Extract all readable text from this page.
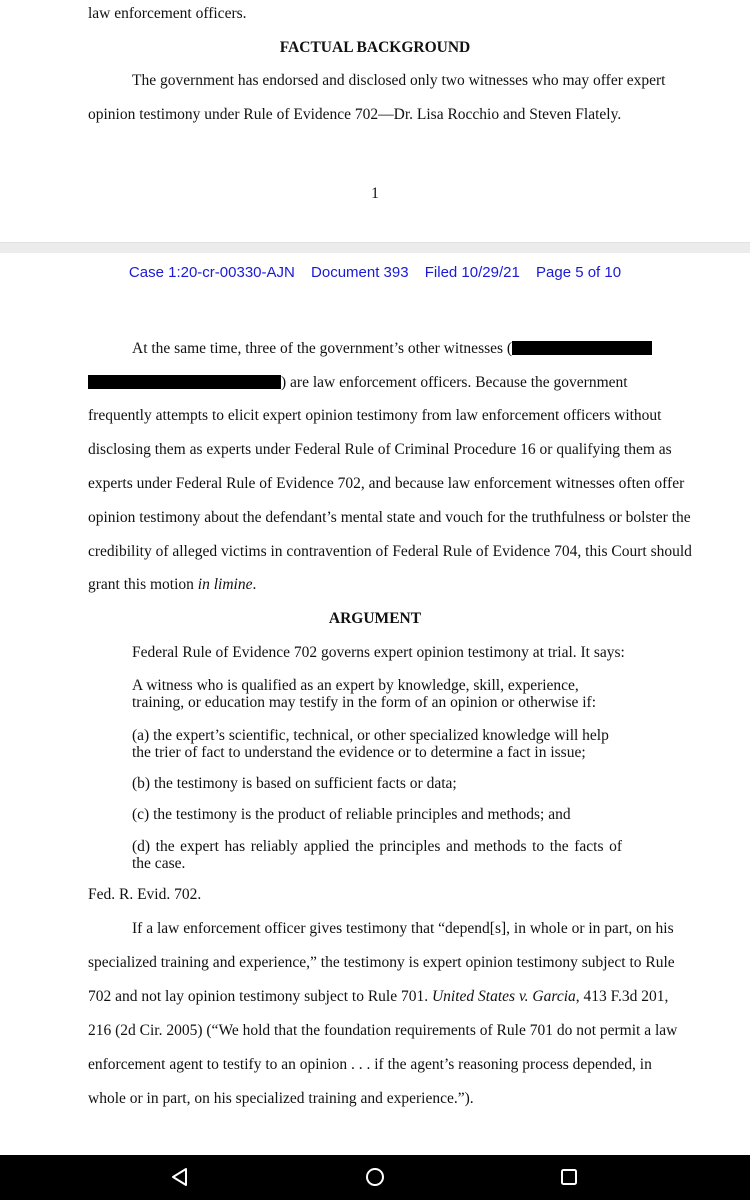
law enforcement officers.
FACTUAL BACKGROUND
The government has endorsed and disclosed only two witnesses who may offer expert
opinion testimony under Rule of Evidence 702—Dr. Lisa Rocchio and Steven Flately.
1
Case 1:20-cr-00330-AJN Document 393 Filed 10/29/21 Page 5 of 10
At the same time, three of the government’s other witnesses (
) are law enforcement officers. Because the government
frequently attempts to elicit expert opinion testimony from law enforcement officers without
disclosing them as experts under Federal Rule of Criminal Procedure 16 or qualifying them as
experts under Federal Rule of Evidence 702, and because law enforcement witnesses often offer
opinion testimony about the defendant’s mental state and vouch for the truthfulness or bolster the
credibility of alleged victims in contravention of Federal Rule of Evidence 704, this Court should
grant this motion in limine.
ARGUMENT
Federal Rule of Evidence 702 governs expert opinion testimony at trial. It says:
A witness who is qualified as an expert by knowledge, skill, experience, training, or education may testify in the form of an opinion or otherwise if:
(a) the expert’s scientific, technical, or other specialized knowledge will help the trier of fact to understand the evidence or to determine a fact in issue;
(b) the testimony is based on sufficient facts or data;
(c) the testimony is the product of reliable principles and methods; and
(d) the expert has reliably applied the principles and methods to the facts of the case.
Fed. R. Evid. 702.
If a law enforcement officer gives testimony that “depend[s], in whole or in part, on his
specialized training and experience,” the testimony is expert opinion testimony subject to Rule
702 and not lay opinion testimony subject to Rule 701. United States v. Garcia, 413 F.3d 201,
216 (2d Cir. 2005) (“We hold that the foundation requirements of Rule 701 do not permit a law
enforcement agent to testify to an opinion . . . if the agent’s reasoning process depended, in
whole or in part, on his specialized training and experience.”).
